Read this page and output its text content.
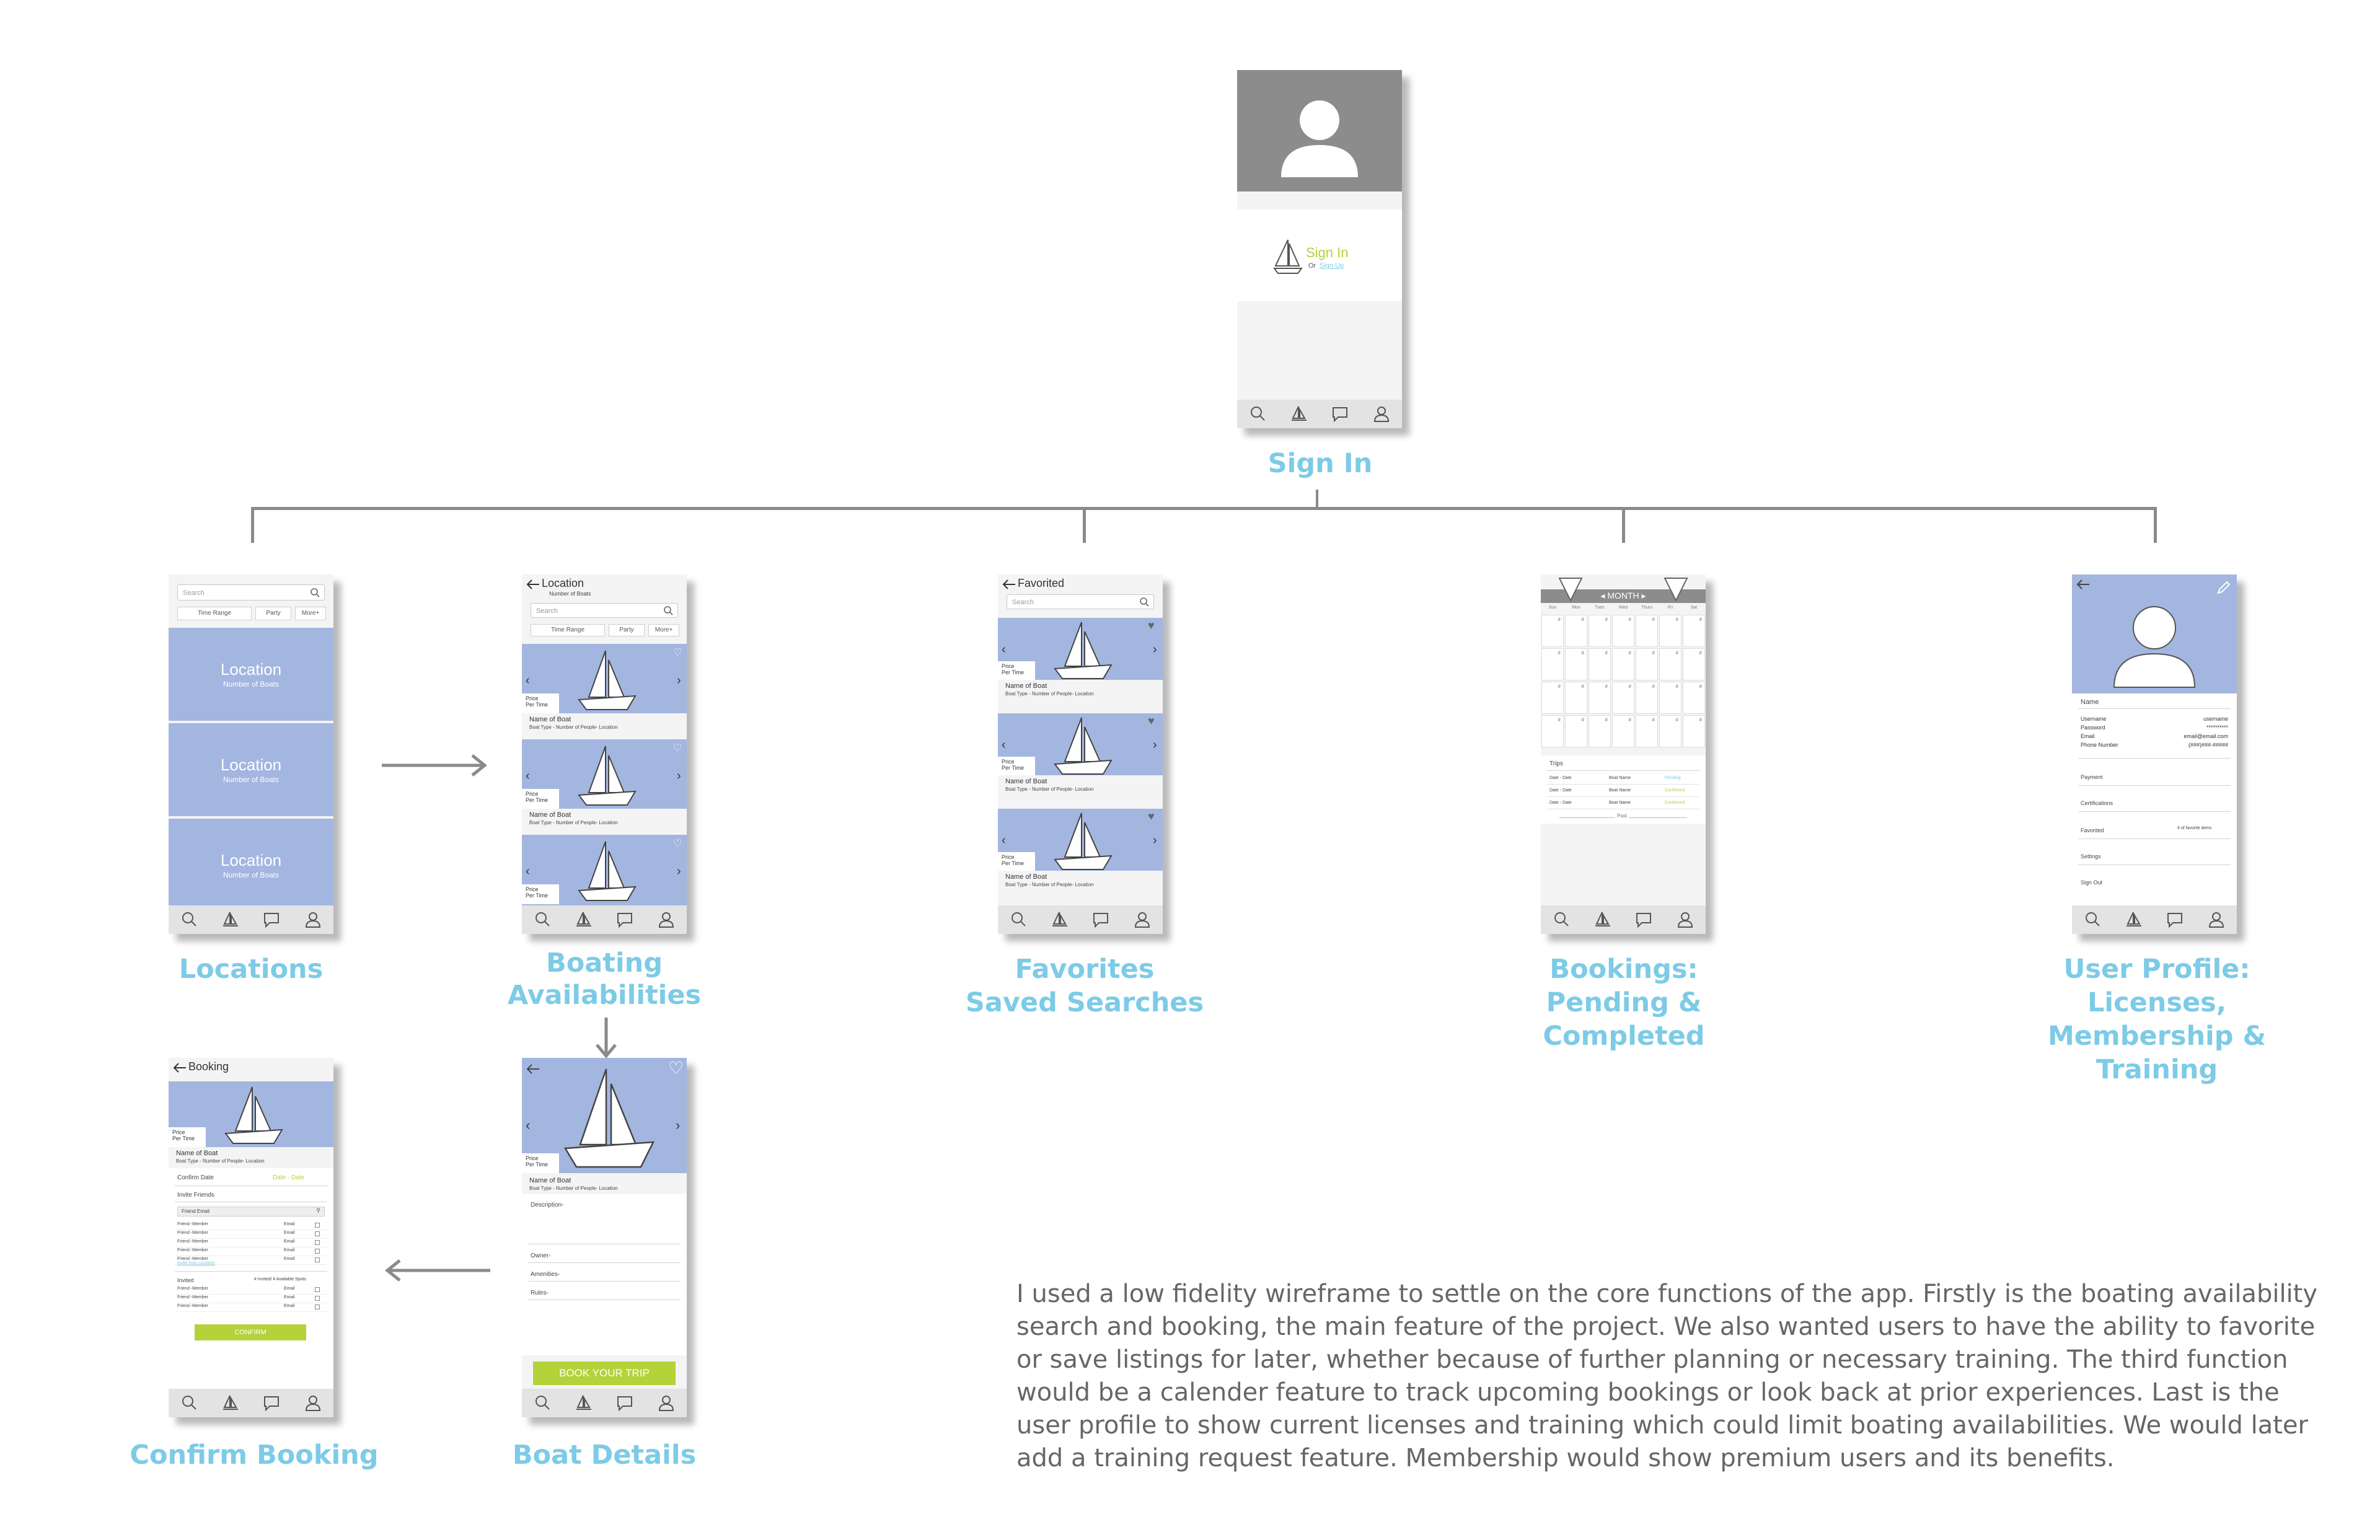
Sign In
Or Sign Up
Sign In
Search
Time Range	Party	More+
Location
Number of Boats
Location
Number of Boats
Location
Number of Boats
Locations
Location
Number of Boats
Search
Time Range	Party	More+
♡
‹	›
Price
Per Time
Name of Boat
Boat Type - Number of People- Location
♡
‹	›
Price
Per Time
Name of Boat
Boat Type - Number of People- Location
♡
‹	›
Price
Per Time
Boating
Availabilities
Favorited
Search
♥
‹	›
Price
Per Time
Name of Boat
Boat Type - Number of People- Location
♥
‹	›
Price
Per Time
Name of Boat
Boat Type - Number of People- Location
♥
‹	›
Price
Per Time
Name of Boat
Boat Type - Number of People- Location
Favorites
Saved Searches
◂ MONTH ▸
Sun	Mon	Tues	Wed	Thurs	Fri	Sat
#	#	#	#	#	#	#
#	#	#	#	#	#	#
#	#	#	#	#	#	#
#	#	#	#	#	#	#
Trips
Date - Date	Boat Name	Pending
Date - Date	Boat Name	Confirmed
Date - Date	Boat Name	Confirmed
Past
Bookings:
Pending &
Completed
Name
Username	username
Password	**********
Email	email@email.com
Phone Number	(###)###-#####
Payment
Certifications
Favorited	# of favorite items
Settings
Sign Out
User Profile:
Licenses,
Membership &
Training
Booking
Price
Per Time
Name of Boat
Boat Type - Number of People- Location
Confirm Date	Date - Date
Invite Friends
Friend Email	⚲
Friend -Member	Email
Friend -Member	Email
Friend -Member	Email
Friend -Member	Email
Friend -Member	Email
Invite from contacts
Invited	# Invited/ # Available Spots
Friend -Member	Email
Friend -Member	Email
Friend -Member	Email
CONFIRM
Confirm Booking
♡
‹	›
Price
Per Time
Name of Boat
Boat Type - Number of People- Location
Description-
Owner-
Amenities-
Rules-
BOOK YOUR TRIP
Boat Details
I used a low fidelity wireframe to settle on the core functions of the app. Firstly is the boating availability search and booking, the main feature of the project. We also wanted users to have the ability to favorite or save listings for later, whether because of further planning or necessary training. The third function would be a calender feature to track upcoming bookings or look back at prior experiences. Last is the user profile to show current licenses and training which could limit boating availabilities. We would later add a training request feature. Membership would show premium users and its benefits.
